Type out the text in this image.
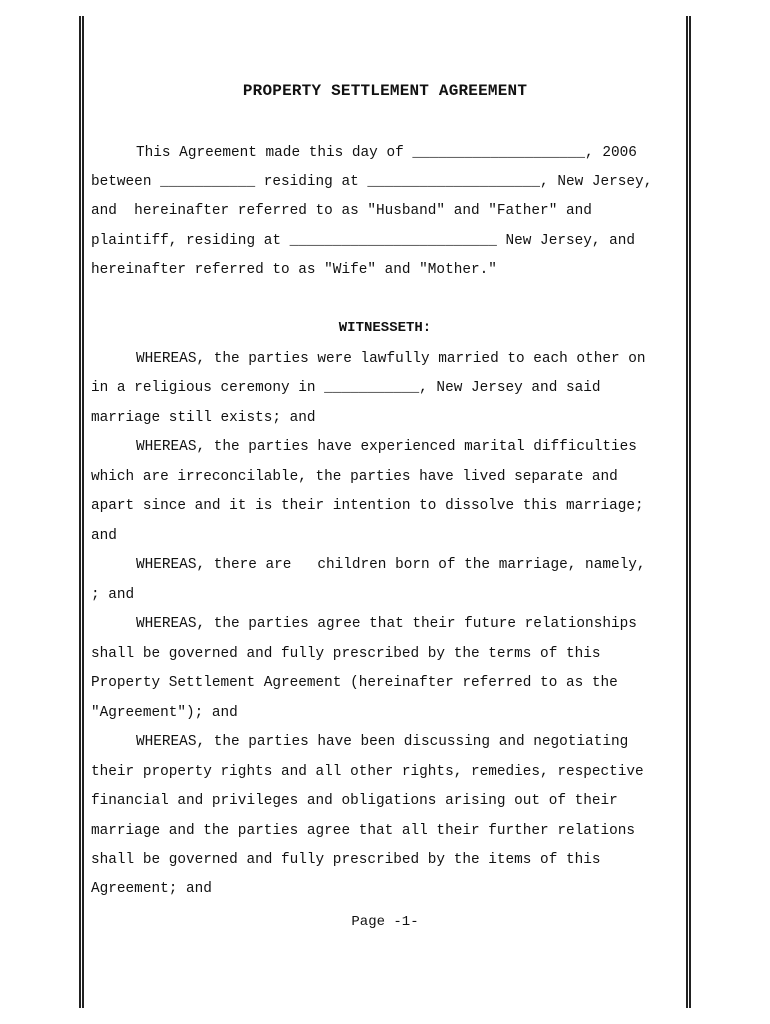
PROPERTY SETTLEMENT AGREEMENT
This Agreement made this day of ____________________, 2006
between ___________ residing at ____________________, New Jersey,
and  hereinafter referred to as "Husband" and "Father" and
plaintiff, residing at ________________________ New Jersey, and
hereinafter referred to as "Wife" and "Mother."
WITNESSETH:
WHEREAS, the parties were lawfully married to each other on
in a religious ceremony in ___________, New Jersey and said
marriage still exists; and
WHEREAS, the parties have experienced marital difficulties
which are irreconcilable, the parties have lived separate and
apart since and it is their intention to dissolve this marriage;
and
WHEREAS, there are   children born of the marriage, namely,
; and
WHEREAS, the parties agree that their future relationships
shall be governed and fully prescribed by the terms of this
Property Settlement Agreement (hereinafter referred to as the
"Agreement"); and
WHEREAS, the parties have been discussing and negotiating
their property rights and all other rights, remedies, respective
financial and privileges and obligations arising out of their
marriage and the parties agree that all their further relations
shall be governed and fully prescribed by the items of this
Agreement; and
Page -1-
